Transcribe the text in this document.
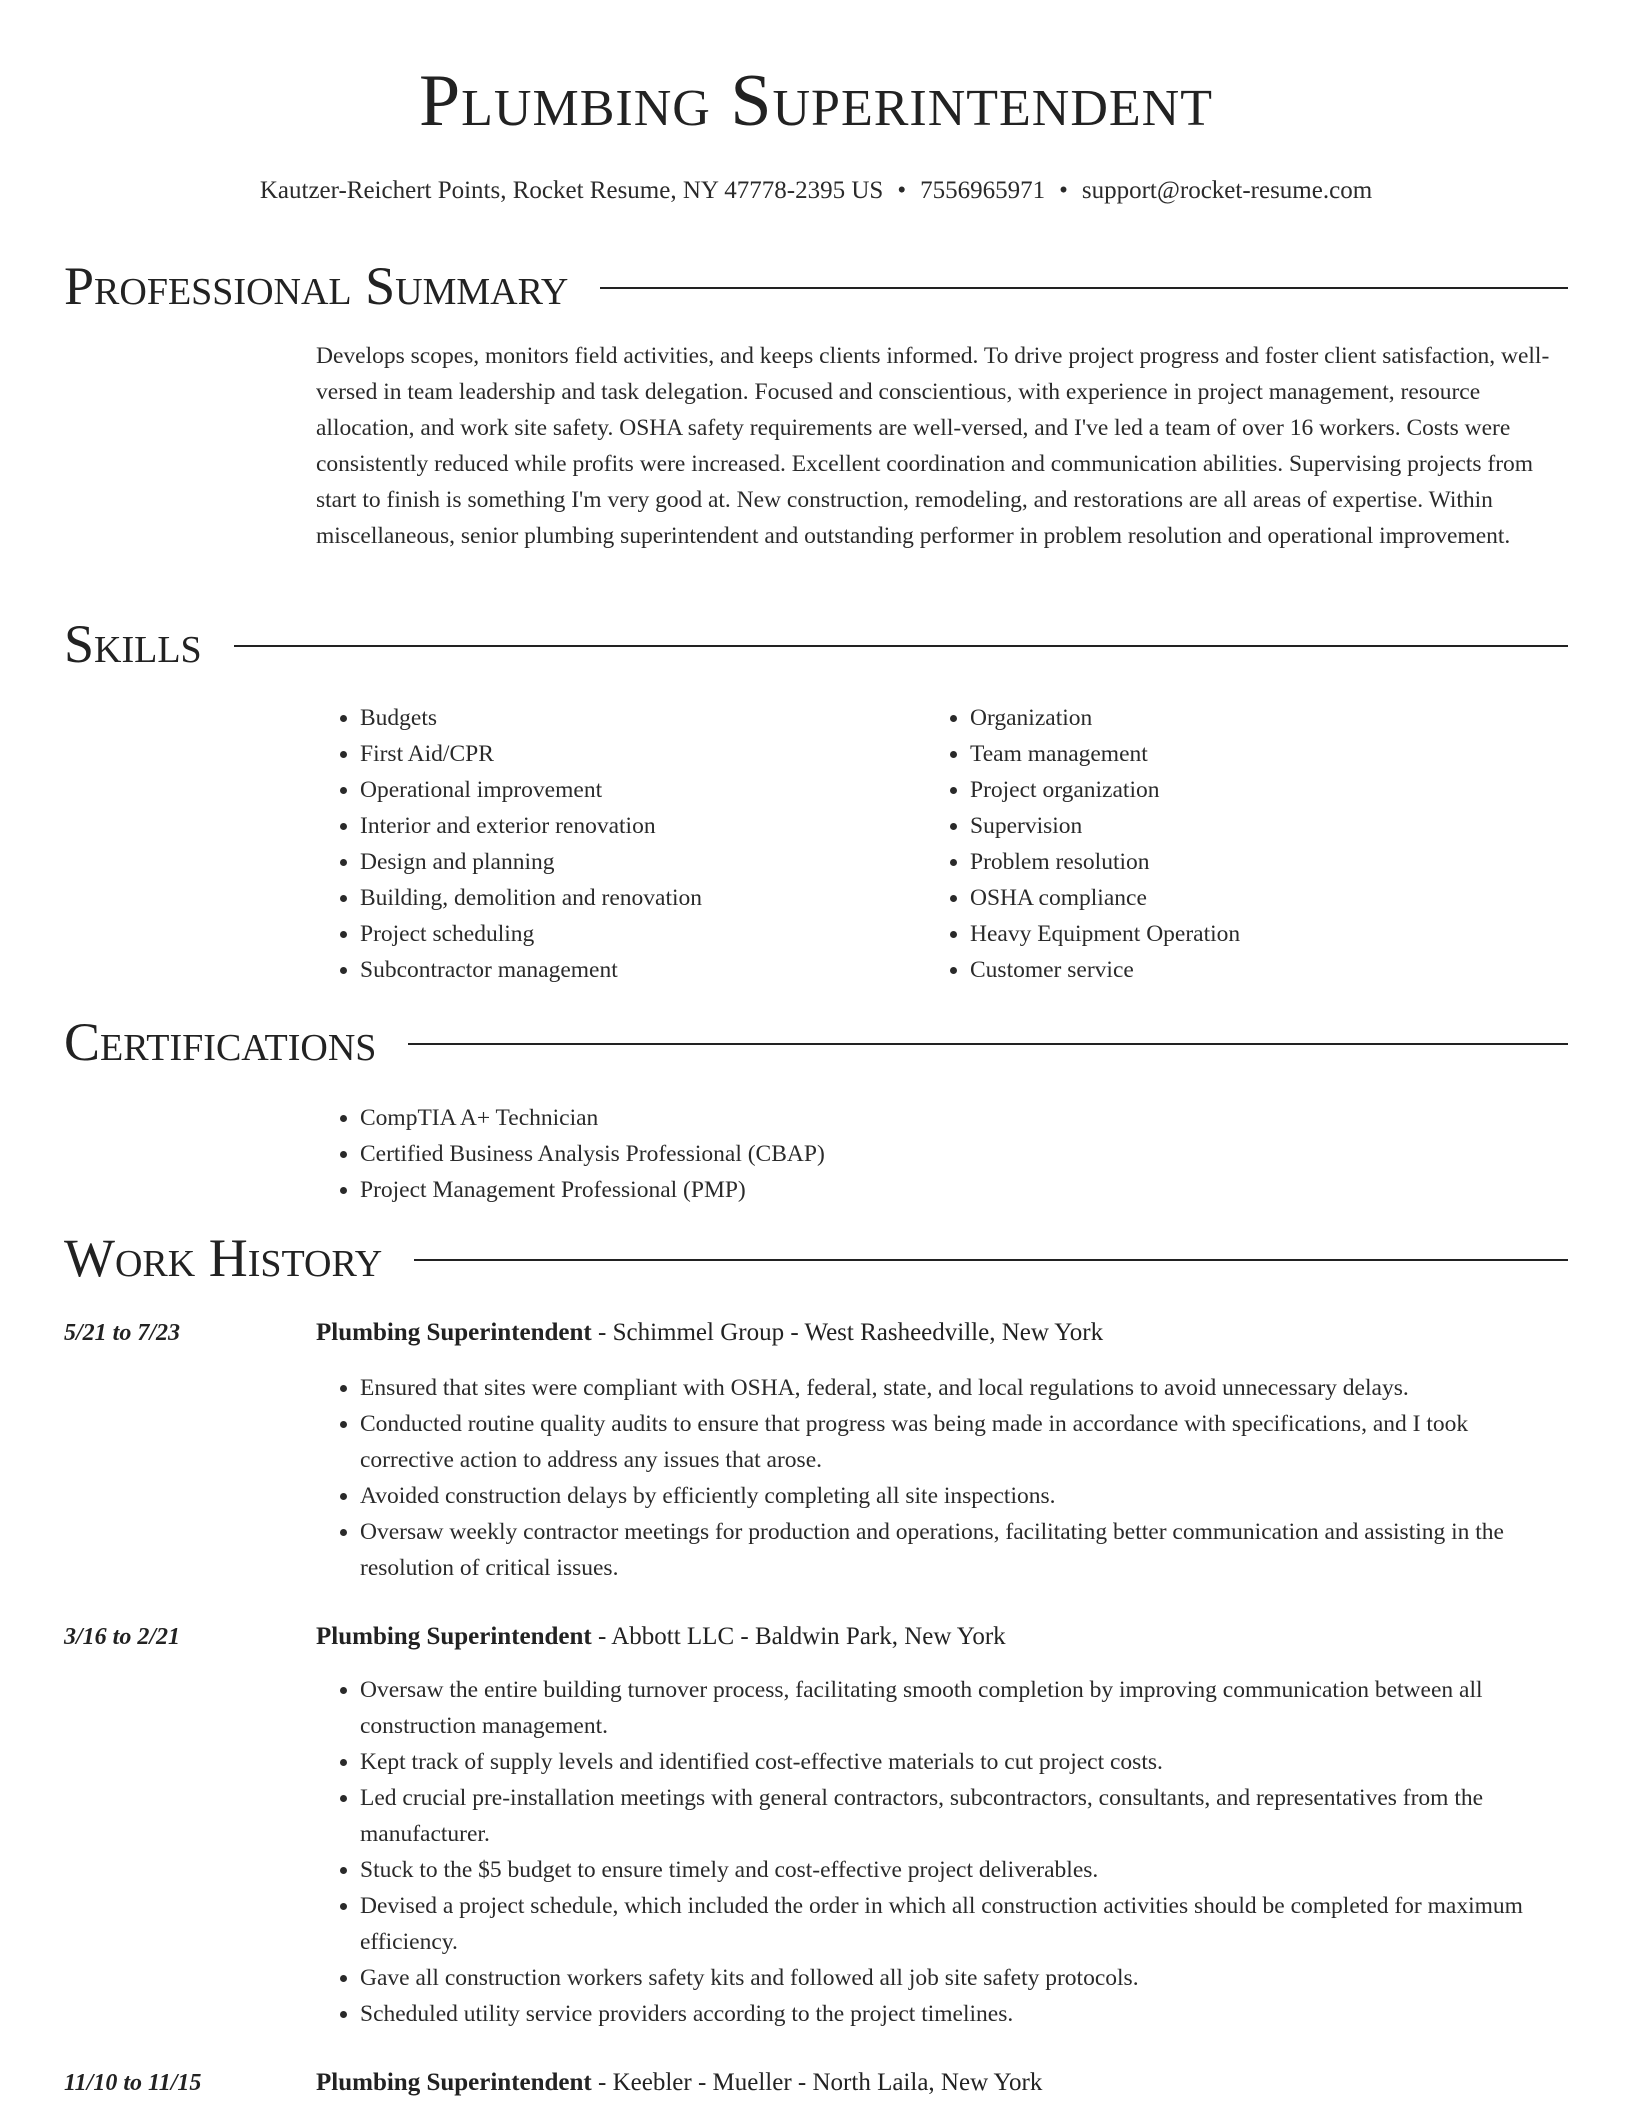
Plumbing Superintendent
Kautzer-Reichert Points, Rocket Resume, NY 47778-2395 US • 7556965971 • support@rocket-resume.com
Professional Summary
Develops scopes, monitors field activities, and keeps clients informed. To drive project progress and foster client satisfaction, well-versed in team leadership and task delegation. Focused and conscientious, with experience in project management, resource allocation, and work site safety. OSHA safety requirements are well-versed, and I've led a team of over 16 workers. Costs were consistently reduced while profits were increased. Excellent coordination and communication abilities. Supervising projects from start to finish is something I'm very good at. New construction, remodeling, and restorations are all areas of expertise. Within miscellaneous, senior plumbing superintendent and outstanding performer in problem resolution and operational improvement.
Skills
• Budgets
• First Aid/CPR
• Operational improvement
• Interior and exterior renovation
• Design and planning
• Building, demolition and renovation
• Project scheduling
• Subcontractor management
• Organization
• Team management
• Project organization
• Supervision
• Problem resolution
• OSHA compliance
• Heavy Equipment Operation
• Customer service
Certifications
• CompTIA A+ Technician
• Certified Business Analysis Professional (CBAP)
• Project Management Professional (PMP)
Work History
5/21 to 7/23	Plumbing Superintendent - Schimmel Group - West Rasheedville, New York
• Ensured that sites were compliant with OSHA, federal, state, and local regulations to avoid unnecessary delays.
• Conducted routine quality audits to ensure that progress was being made in accordance with specifications, and I took corrective action to address any issues that arose.
• Avoided construction delays by efficiently completing all site inspections.
• Oversaw weekly contractor meetings for production and operations, facilitating better communication and assisting in the resolution of critical issues.
3/16 to 2/21	Plumbing Superintendent - Abbott LLC - Baldwin Park, New York
• Oversaw the entire building turnover process, facilitating smooth completion by improving communication between all construction management.
• Kept track of supply levels and identified cost-effective materials to cut project costs.
• Led crucial pre-installation meetings with general contractors, subcontractors, consultants, and representatives from the manufacturer.
• Stuck to the $5 budget to ensure timely and cost-effective project deliverables.
• Devised a project schedule, which included the order in which all construction activities should be completed for maximum efficiency.
• Gave all construction workers safety kits and followed all job site safety protocols.
• Scheduled utility service providers according to the project timelines.
11/10 to 11/15	Plumbing Superintendent - Keebler - Mueller - North Laila, New York
